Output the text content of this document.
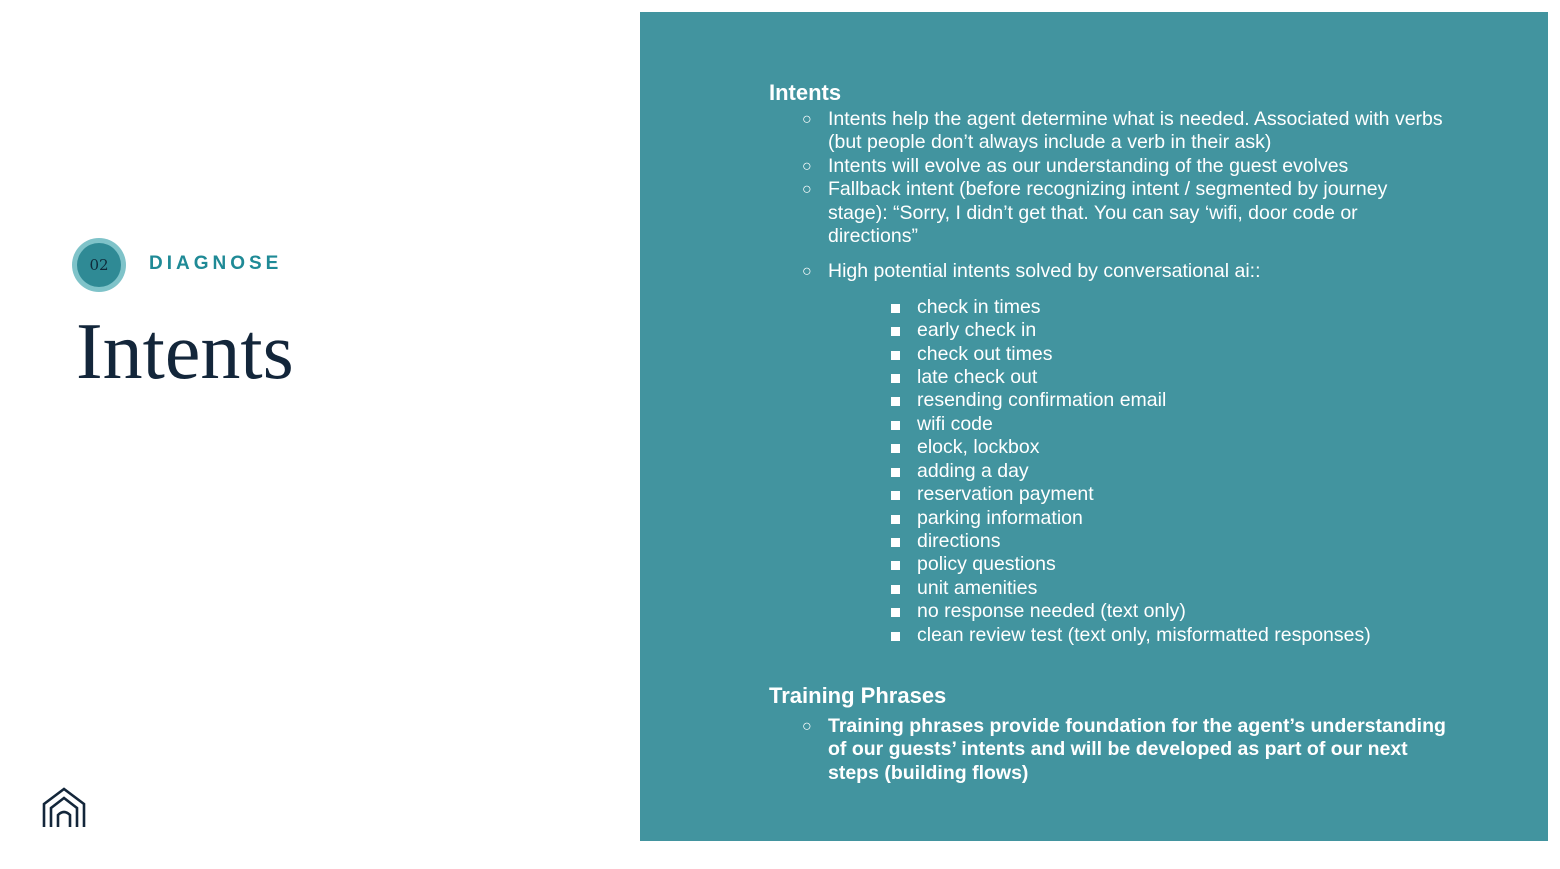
02	DIAGNOSE
Intents
Intents
○ Intents help the agent determine what is needed. Associated with verbs (but people don’t always include a verb in their ask)
○ Intents will evolve as our understanding of the guest evolves
○ Fallback intent (before recognizing intent / segmented by journey stage): “Sorry, I didn’t get that. You can say ‘wifi, door code or directions”
○ High potential intents solved by conversational ai::
check in times
early check in
check out times
late check out
resending confirmation email
wifi code
elock, lockbox
adding a day
reservation payment
parking information
directions
policy questions
unit amenities
no response needed (text only)
clean review test (text only, misformatted responses)
Training Phrases
○ Training phrases provide foundation for the agent’s understanding of our guests’ intents and will be developed as part of our next steps (building flows)
